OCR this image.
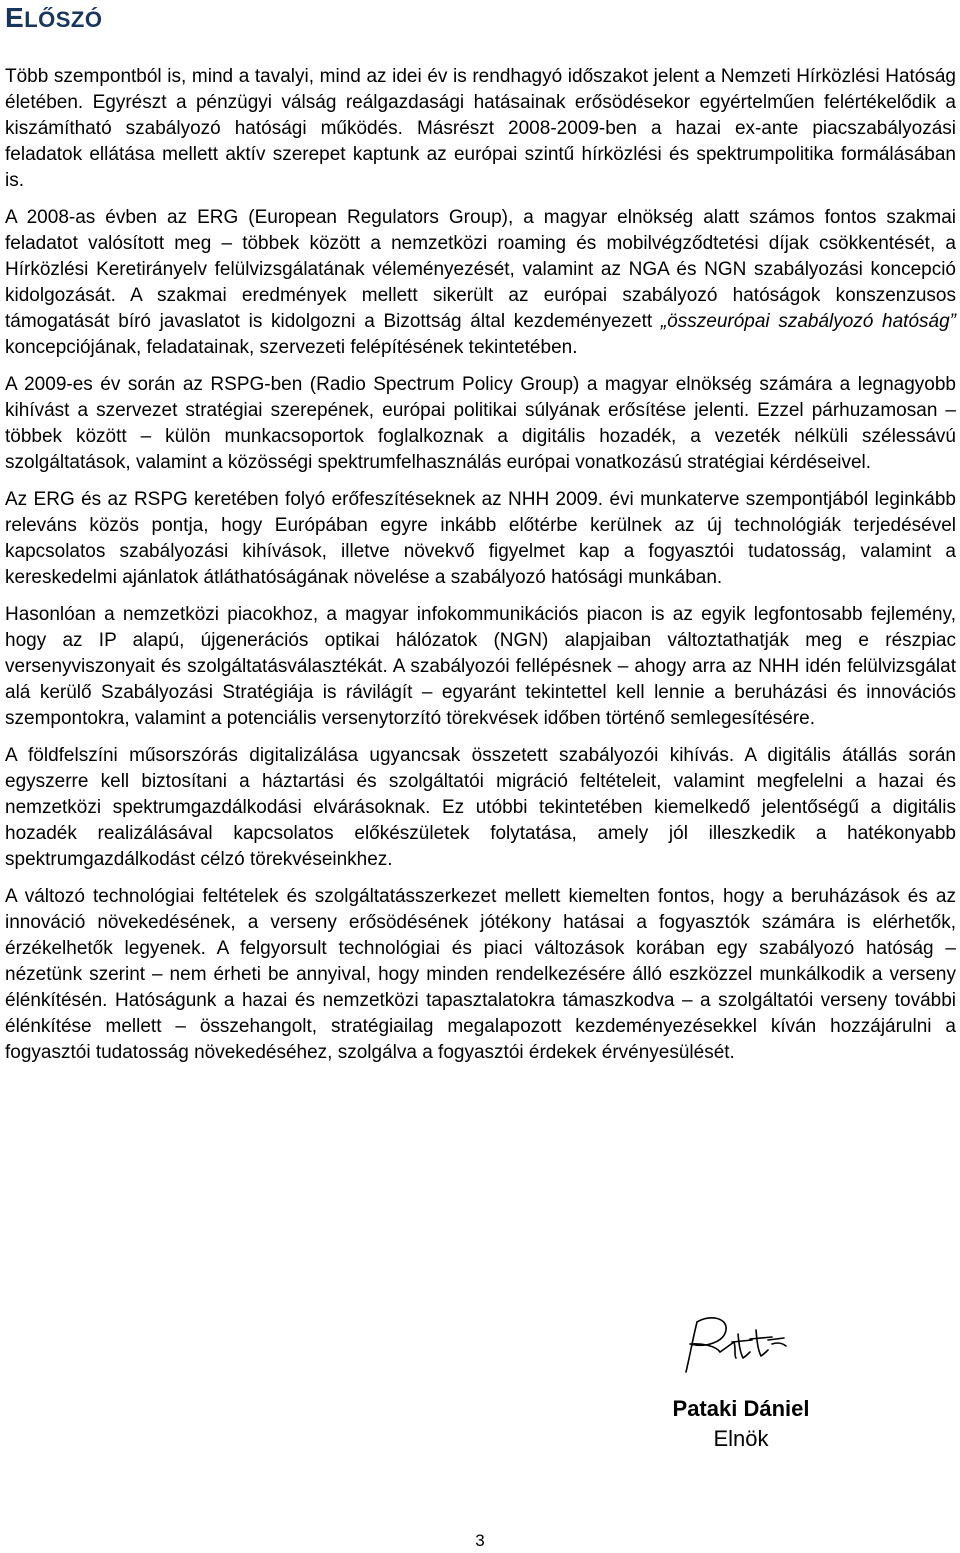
ELŐSZÓ

Több szempontból is, mind a tavalyi, mind az idei év is rendhagyó időszakot jelent a Nemzeti Hírközlési Hatóság életében. Egyrészt a pénzügyi válság reálgazdasági hatásainak erősödésekor egyértelműen felértékelődik a kiszámítható szabályozó hatósági működés. Másrészt 2008-2009-ben a hazai ex-ante piacszabályozási feladatok ellátása mellett aktív szerepet kaptunk az európai szintű hírközlési és spektrumpolitika formálásában is.

A 2008-as évben az ERG (European Regulators Group), a magyar elnökség alatt számos fontos szakmai feladatot valósított meg – többek között a nemzetközi roaming és mobilvégződtetési díjak csökkentését, a Hírközlési Keretirányelv felülvizsgálatának véleményezését, valamint az NGA és NGN szabályozási koncepció kidolgozását. A szakmai eredmények mellett sikerült az európai szabályozó hatóságok konszenzusos támogatását bíró javaslatot is kidolgozni a Bizottság által kezdeményezett „összeurópai szabályozó hatóság” koncepciójának, feladatainak, szervezeti felépítésének tekintetében.

A 2009-es év során az RSPG-ben (Radio Spectrum Policy Group) a magyar elnökség számára a legnagyobb kihívást a szervezet stratégiai szerepének, európai politikai súlyának erősítése jelenti. Ezzel párhuzamosan – többek között – külön munkacsoportok foglalkoznak a digitális hozadék, a vezeték nélküli szélessávú szolgáltatások, valamint a közösségi spektrumfelhasználás európai vonatkozású stratégiai kérdéseivel.

Az ERG és az RSPG keretében folyó erőfeszítéseknek az NHH 2009. évi munkaterve szempontjából leginkább releváns közös pontja, hogy Európában egyre inkább előtérbe kerülnek az új technológiák terjedésével kapcsolatos szabályozási kihívások, illetve növekvő figyelmet kap a fogyasztói tudatosság, valamint a kereskedelmi ajánlatok átláthatóságának növelése a szabályozó hatósági munkában.

Hasonlóan a nemzetközi piacokhoz, a magyar infokommunikációs piacon is az egyik legfontosabb fejlemény, hogy az IP alapú, újgenerációs optikai hálózatok (NGN) alapjaiban változtathatják meg e részpiac versenyviszonyait és szolgáltatásválasztékát. A szabályozói fellépésnek – ahogy arra az NHH idén felülvizsgálat alá kerülő Szabályozási Stratégiája is rávilágít – egyaránt tekintettel kell lennie a beruházási és innovációs szempontokra, valamint a potenciális versenytorzító törekvések időben történő semlegesítésére.

A földfelszíni műsorszórás digitalizálása ugyancsak összetett szabályozói kihívás. A digitális átállás során egyszerre kell biztosítani a háztartási és szolgáltatói migráció feltételeit, valamint megfelelni a hazai és nemzetközi spektrumgazdálkodási elvárásoknak. Ez utóbbi tekintetében kiemelkedő jelentőségű a digitális hozadék realizálásával kapcsolatos előkészületek folytatása, amely jól illeszkedik a hatékonyabb spektrumgazdálkodást célzó törekvéseinkhez.

A változó technológiai feltételek és szolgáltatásszerkezet mellett kiemelten fontos, hogy a beruházások és az innováció növekedésének, a verseny erősödésének jótékony hatásai a fogyasztók számára is elérhetők, érzékelhetők legyenek. A felgyorsult technológiai és piaci változások korában egy szabályozó hatóság – nézetünk szerint – nem érheti be annyival, hogy minden rendelkezésére álló eszközzel munkálkodik a verseny élénkítésén. Hatóságunk a hazai és nemzetközi tapasztalatokra támaszkodva – a szolgáltatói verseny további élénkítése mellett – összehangolt, stratégiailag megalapozott kezdeményezésekkel kíván hozzájárulni a fogyasztói tudatosság növekedéséhez, szolgálva a fogyasztói érdekek érvényesülését.

Pataki Dániel
Elnök
3
